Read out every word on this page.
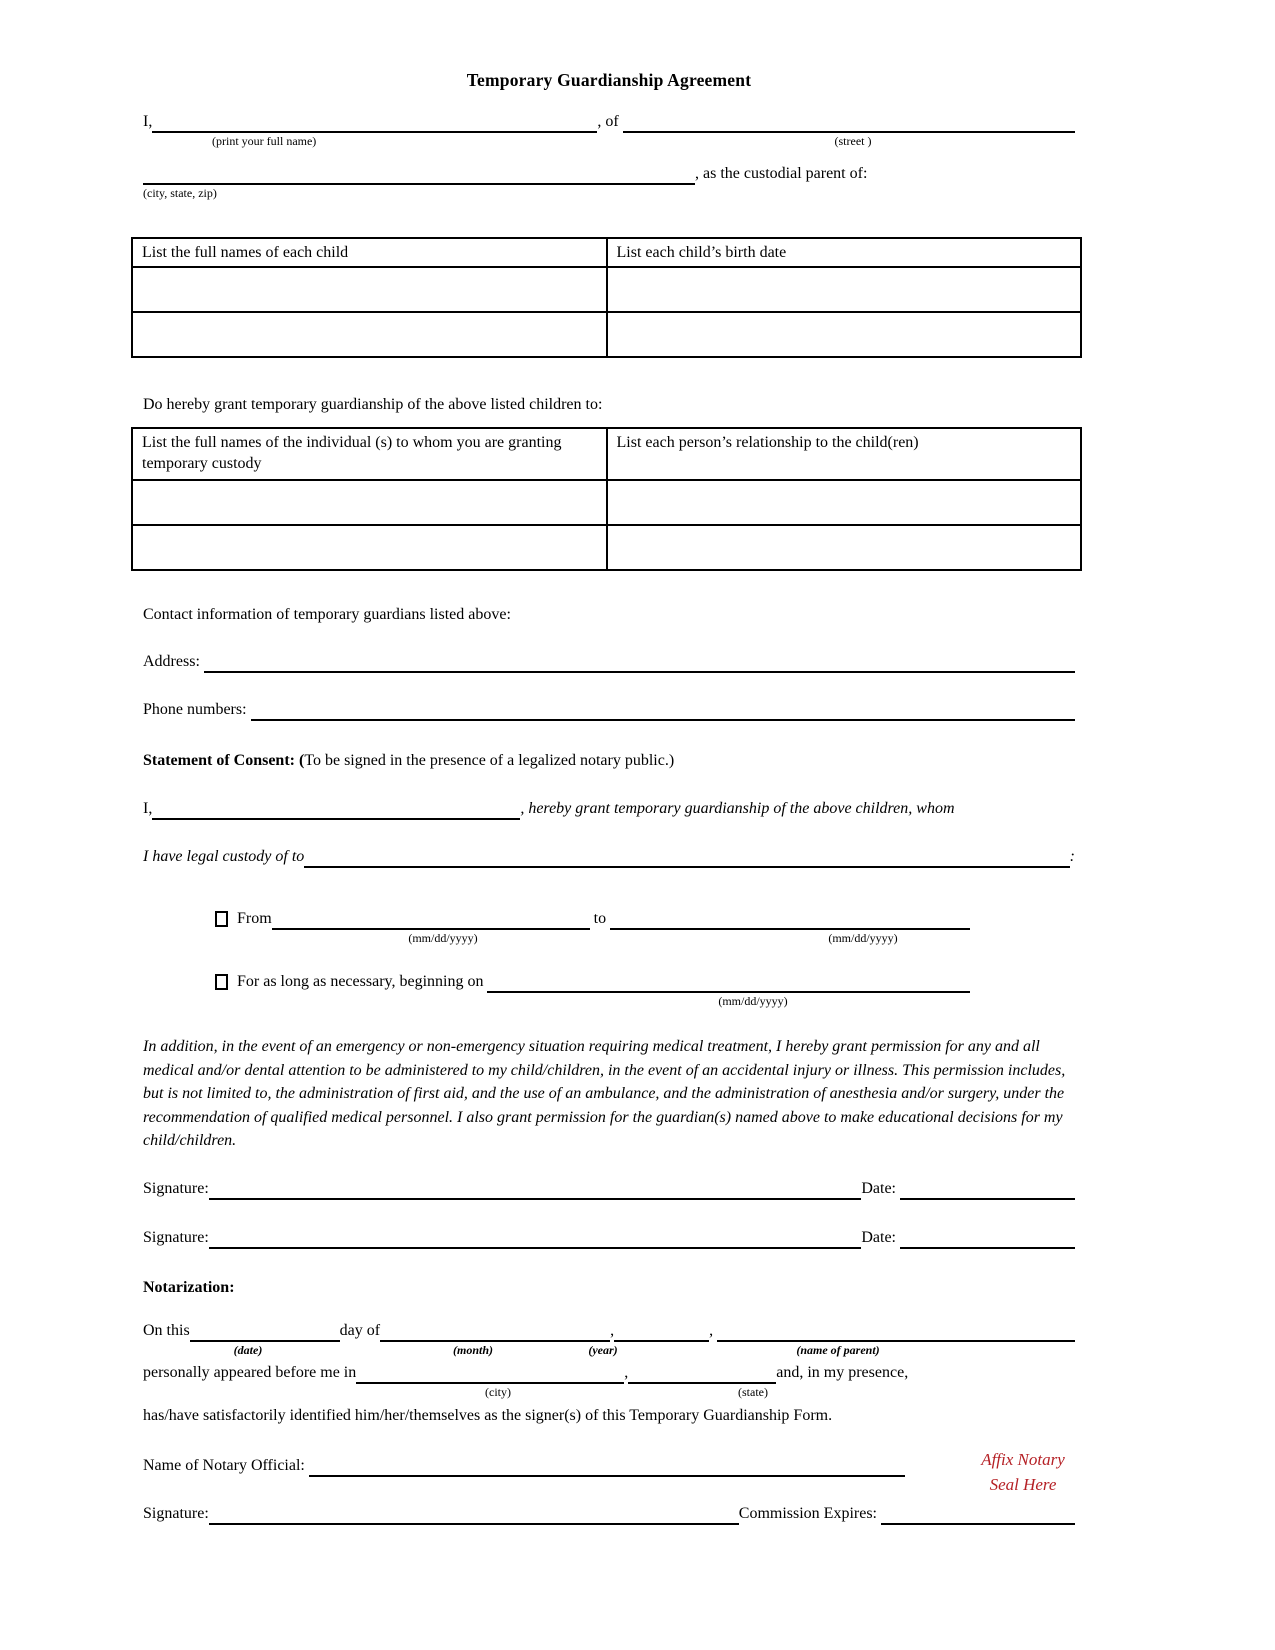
Temporary Guardianship Agreement
I,	, of
(print your full name)	(street )
, as the custodial parent of:
(city, state, zip)
List the full names of each child	List each child’s birth date

Do hereby grant temporary guardianship of the above listed children to:
List the full names of the individual (s) to whom you are granting temporary custody	List each person’s relationship to the child(ren)

Contact information of temporary guardians listed above:
Address:
Phone numbers:
Statement of Consent: (To be signed in the presence of a legalized notary public.)
I,	, hereby grant temporary guardianship of the above children, whom
I have legal custody of to	:
From	to
(mm/dd/yyyy)	(mm/dd/yyyy)
For as long as necessary, beginning on
(mm/dd/yyyy)
In addition, in the event of an emergency or non-emergency situation requiring medical treatment, I hereby grant permission for any and all medical and/or dental attention to be administered to my child/children, in the event of an accidental injury or illness. This permission includes, but is not limited to, the administration of first aid, and the use of an ambulance, and the administration of anesthesia and/or surgery, under the recommendation of qualified medical personnel. I also grant permission for the guardian(s) named above to make educational decisions for my child/children.
Signature:	Date:
Signature:	Date:
Notarization:
On this	day of	,	,
(date)	(month)	(year)	(name of parent)
personally appeared before me in	,	and, in my presence,
(city)	(state)
has/have satisfactorily identified him/her/themselves as the signer(s) of this Temporary Guardianship Form.
Name of Notary Official:
Signature:	Commission Expires:
Affix Notary
Seal Here
